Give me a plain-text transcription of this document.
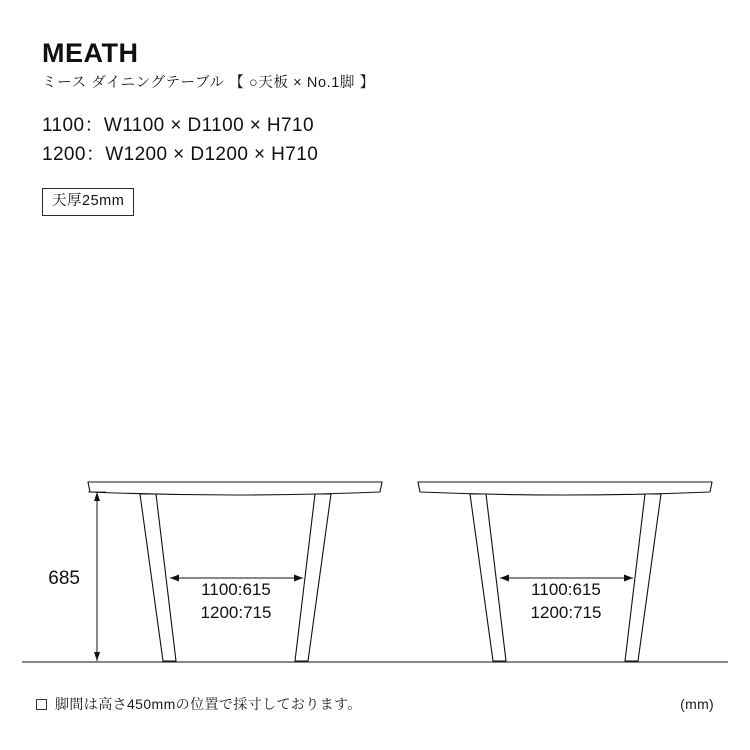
MEATH
ミース ダイニングテーブル 【 ○天板 × No.1脚 】
1100：W1100 × D1100 × H710
1200：W1200 × D1200 × H710
天厚25mm
685
1100:615
1200:715
1100:615
1200:715
脚間は高さ450mmの位置で採寸しております。	(mm)
